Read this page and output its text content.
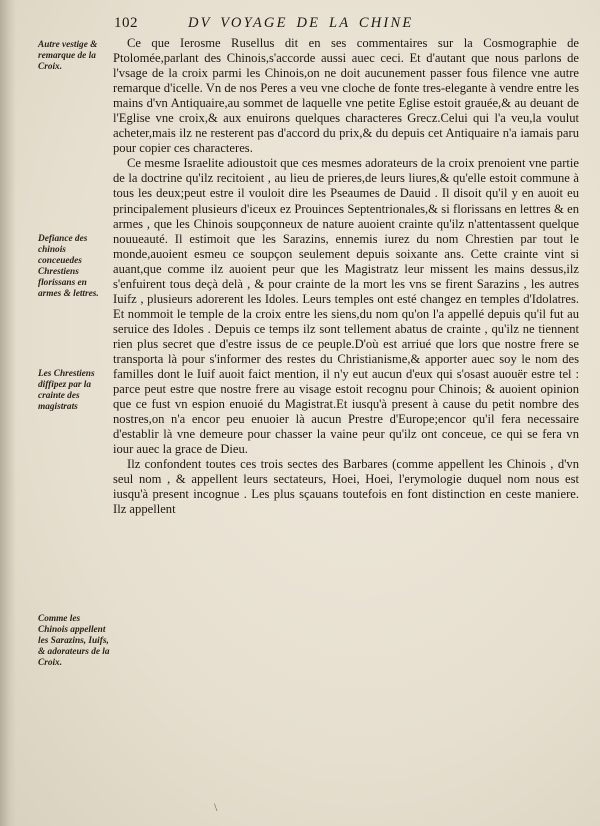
102	DV VOYAGE DE LA CHINE
Autre vestige & remarque de la Croix.
Defiance des chinois conceuedes Chrestiens florissans en armes & lettres.
Les Chrestiens diffipez par la crainte des magistrats
Comme les Chinois appellent les Sarazins, Iuifs, & adorateurs de la Croix.

Ce que Ierosme Rusellus dit en ses commentaires sur la Cosmographie de Ptolomée,parlant des Chinois,s'accorde aussi auec ceci. Et d'autant que nous parlons de l'vsage de la croix parmi les Chinois,on ne doit aucunement passer fous filence vne autre remarque d'icelle. Vn de nos Peres a veu vne cloche de fonte tres-elegante à vendre entre les mains d'vn Antiquaire,au sommet de laquelle vne petite Eglise estoit grauée,& au deuant de l'Eglise vne croix,& aux enuirons quelques characteres Grecz.Celui qui l'a veu,la voulut acheter,mais ilz ne resterent pas d'accord du prix,& du depuis cet Antiquaire n'a iamais paru pour copier ces characteres.

Ce mesme Israelite adioustoit que ces mesmes adorateurs de la croix prenoient vne partie de la doctrine qu'ilz recitoient , au lieu de prieres,de leurs liures,& qu'elle estoit commune à tous les deux;peut estre il vouloit dire les Pseaumes de Dauid . Il disoit qu'il y en auoit eu principalement plusieurs d'iceux ez Prouinces Septentrionales,& si florissans en lettres & en armes , que les Chinois soupçonneux de nature auoient crainte qu'ilz n'attentassent quelque nouueauté. Il estimoit que les Sarazins, ennemis iurez du nom Chrestien par tout le monde,auoient esmeu ce soupçon seulement depuis soixante ans. Cette crainte vint si auant,que comme ilz auoient peur que les Magistratz leur missent les mains dessus,ilz s'enfuirent tous deçà delà , & pour crainte de la mort les vns se firent Sarazins , les autres Iuifz , plusieurs adorerent les Idoles. Leurs temples ont esté changez en temples d'Idolatres. Et nommoit le temple de la croix entre les siens,du nom qu'on l'a appellé depuis qu'il fut au seruice des Idoles . Depuis ce temps ilz sont tellement abatus de crainte , qu'ilz ne tiennent rien plus secret que d'estre issus de ce peuple.D'où est arriué que lors que nostre frere se transporta là pour s'informer des restes du Christianisme,& apporter auec soy le nom des familles dont le Iuif auoit faict mention, il n'y eut aucun d'eux qui s'osast auouër estre tel : parce peut estre que nostre frere au visage estoit recognu pour Chinois; & auoient opinion que ce fust vn espion enuoié du Magistrat.Et iusqu'à present à cause du petit nombre des nostres,on n'a encor peu enuoier là aucun Prestre d'Europe;encor qu'il fera necessaire d'establir là vne demeure pour chasser la vaine peur qu'ilz ont conceue, ce qui se fera vn iour auec la grace de Dieu.

Ilz confondent toutes ces trois sectes des Barbares (comme appellent les Chinois , d'vn seul nom , & appellent leurs sectateurs, Hoei, Hoei, l'erymologie duquel nom nous est iusqu'à present incognue . Les plus sçauans toutefois en font distinction en ceste maniere. Ilz appellent

\
